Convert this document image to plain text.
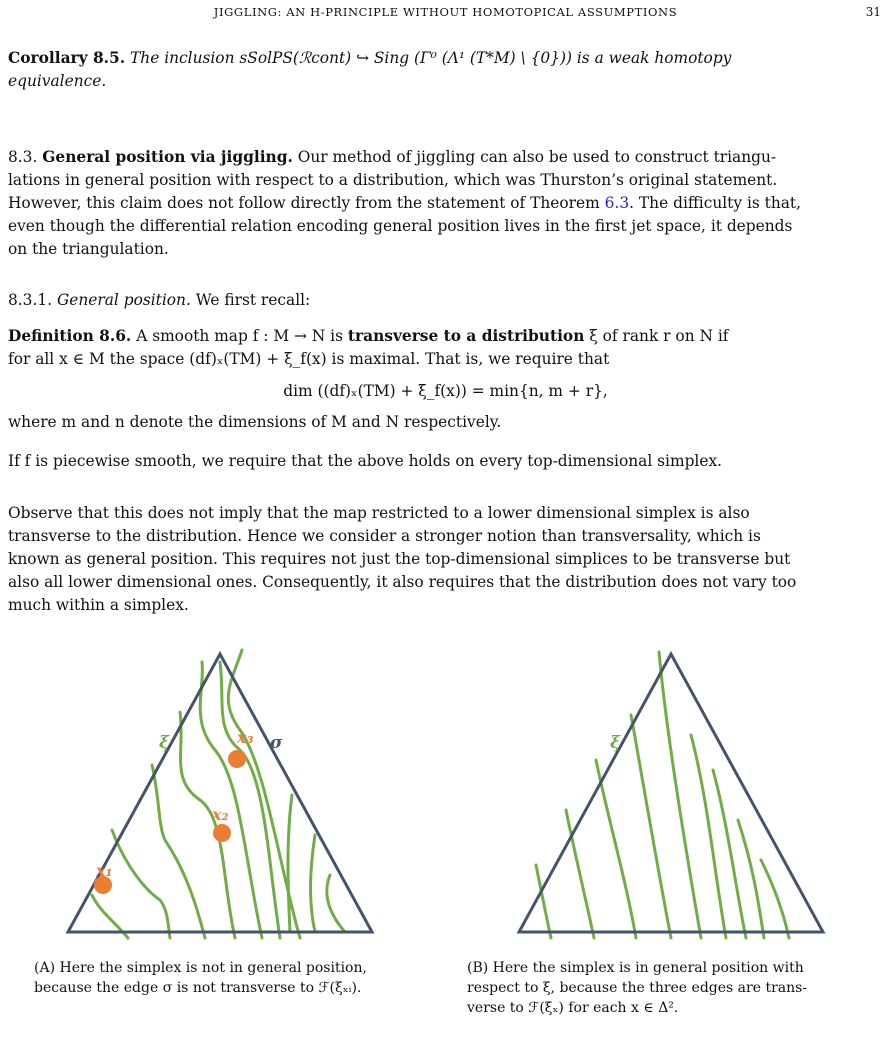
JIGGLING: AN H-PRINCIPLE WITHOUT HOMOTOPICAL ASSUMPTIONS	31
Corollary 8.5. The inclusion sSolPS(ℛcont) ↪ Sing (Γ⁰ (Λ¹ (T*M) \ {0})) is a weak homotopy
equivalence.
8.3. General position via jiggling. Our method of jiggling can also be used to construct triangu-
lations in general position with respect to a distribution, which was Thurston’s original statement.
However, this claim does not follow directly from the statement of Theorem 6.3. The difficulty is that,
even though the differential relation encoding general position lives in the first jet space, it depends
on the triangulation.
8.3.1. General position. We first recall:
Definition 8.6. A smooth map f : M → N is transverse to a distribution ξ of rank r on N if
for all x ∈ M the space (df)ₓ(TM) + ξ_f(x) is maximal. That is, we require that
dim ((df)ₓ(TM) + ξ_f(x)) = min{n, m + r},
where m and n denote the dimensions of M and N respectively.
If f is piecewise smooth, we require that the above holds on every top-dimensional simplex.
Observe that this does not imply that the map restricted to a lower dimensional simplex is also
transverse to the distribution. Hence we consider a stronger notion than transversality, which is
known as general position. This requires not just the top-dimensional simplices to be transverse but
also all lower dimensional ones. Consequently, it also requires that the distribution does not vary too
much within a simplex.
ξ	σ
x₁
x₂
x₃	ξ
(A) Here the simplex is not in general position,
because the edge σ is not transverse to ℱ(ξₓᵢ).
(B) Here the simplex is in general position with
respect to ξ, because the three edges are trans-
verse to ℱ(ξₓ) for each x ∈ Δ².
